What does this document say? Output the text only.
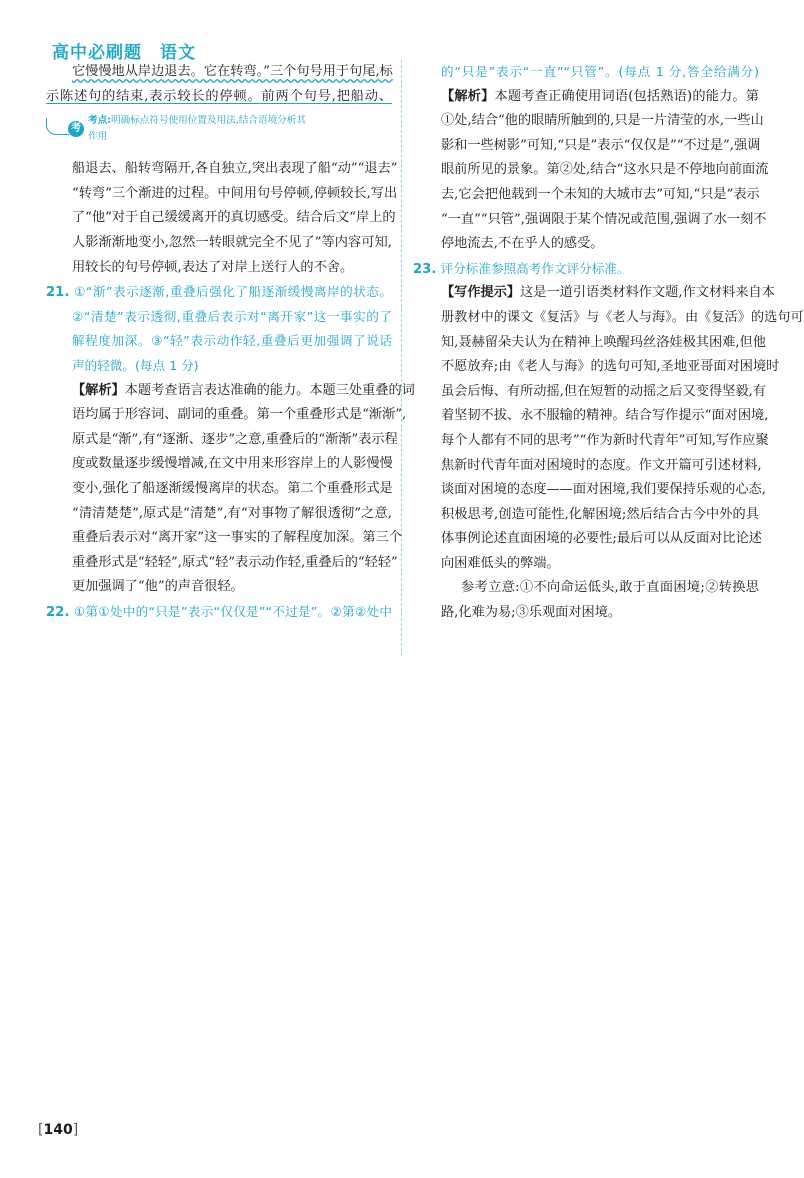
高中必刷题　语文
它慢慢地从岸边退去。它在转弯。”三个句号用于句尾,标
示陈述句的结束,表示较长的停顿。前两个句号,把船动、
考
考点:明确标点符号使用位置及用法,结合语境分析其
作用
船退去、船转弯隔开,各自独立,突出表现了船“动”“退去”
“转弯”三个渐进的过程。中间用句号停顿,停顿较长,写出
了“他”对于自己缓缓离开的真切感受。结合后文“岸上的
人影渐渐地变小,忽然一转眼就完全不见了”等内容可知,
用较长的句号停顿,表达了对岸上送行人的不舍。
21. ①“渐”表示逐渐,重叠后强化了船逐渐缓慢离岸的状态。
②“清楚”表示透彻,重叠后表示对“离开家”这一事实的了
解程度加深。③“轻”表示动作轻,重叠后更加强调了说话
声的轻微。(每点 1 分)
【解析】本题考查语言表达准确的能力。本题三处重叠的词
语均属于形容词、副词的重叠。第一个重叠形式是“渐渐”,
原式是“渐”,有“逐渐、逐步”之意,重叠后的“渐渐”表示程
度或数量逐步缓慢增减,在文中用来形容岸上的人影慢慢
变小,强化了船逐渐缓慢离岸的状态。第二个重叠形式是
“清清楚楚”,原式是“清楚”,有“对事物了解很透彻”之意,
重叠后表示对“离开家”这一事实的了解程度加深。第三个
重叠形式是“轻轻”,原式“轻”表示动作轻,重叠后的“轻轻”
更加强调了“他”的声音很轻。
22. ①第①处中的“只是”表示“仅仅是”“不过是”。②第②处中
的“只是”表示“一直”“只管”。(每点 1 分,答全给满分)
【解析】本题考查正确使用词语(包括熟语)的能力。第
①处,结合“他的眼睛所触到的,只是一片清莹的水,一些山
影和一些树影”可知,“只是”表示“仅仅是”“不过是”,强调
眼前所见的景象。第②处,结合“这水只是不停地向前面流
去,它会把他载到一个未知的大城市去”可知,“只是”表示
“一直”“只管”,强调限于某个情况或范围,强调了水一刻不
停地流去,不在乎人的感受。
23. 评分标准参照高考作文评分标准。
【写作提示】这是一道引语类材料作文题,作文材料来自本
册教材中的课文《复活》与《老人与海》。由《复活》的选句可
知,聂赫留朵夫认为在精神上唤醒玛丝洛娃极其困难,但他
不愿放弃;由《老人与海》的选句可知,圣地亚哥面对困境时
虽会后悔、有所动摇,但在短暂的动摇之后又变得坚毅,有
着坚韧不拔、永不服输的精神。结合写作提示“面对困境,
每个人都有不同的思考”“作为新时代青年”可知,写作应聚
焦新时代青年面对困境时的态度。作文开篇可引述材料,
谈面对困境的态度——面对困境,我们要保持乐观的心态,
积极思考,创造可能性,化解困境;然后结合古今中外的具
体事例论述直面困境的必要性;最后可以从反面对比论述
向困难低头的弊端。
参考立意:①不向命运低头,敢于直面困境;②转换思
路,化难为易;③乐观面对困境。
[140]
